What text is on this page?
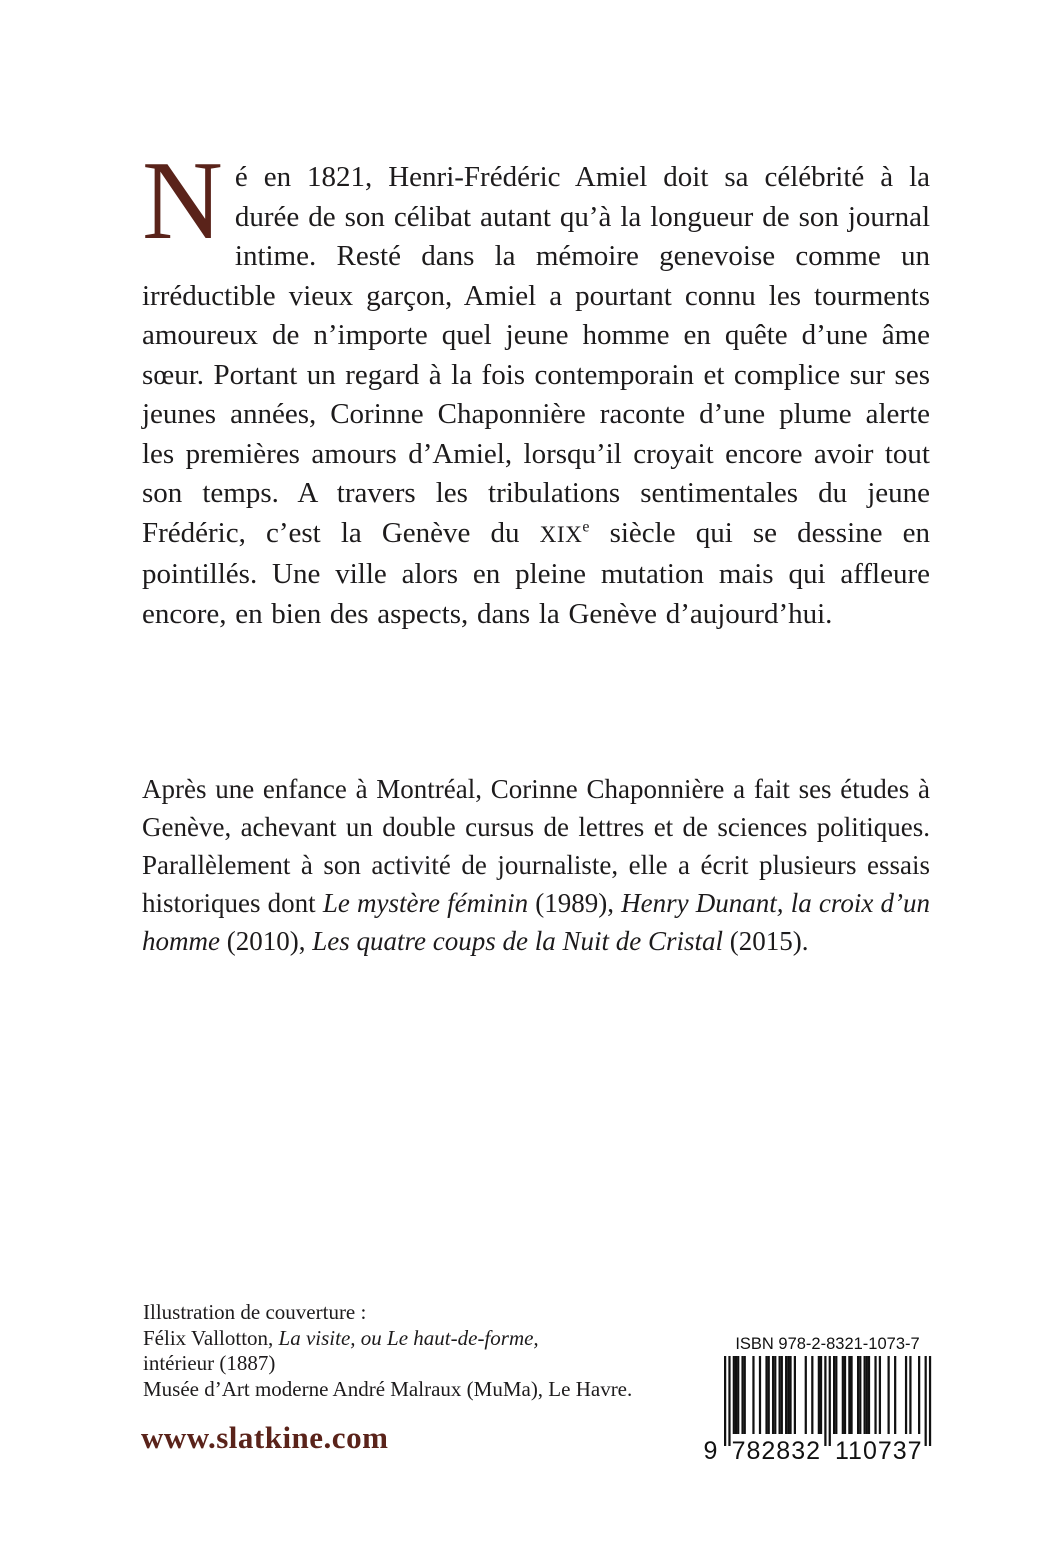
Né en 1821, Henri-Frédéric Amiel doit sa célébrité à la durée de son célibat autant qu’à la longueur de son journal intime. Resté dans la mémoire genevoise comme un irréductible vieux garçon, Amiel a pourtant connu les tourments amoureux de n’importe quel jeune homme en quête d’une âme sœur. Portant un regard à la fois contemporain et complice sur ses jeunes années, Corinne Chaponnière raconte d’une plume alerte les premières amours d’Amiel, lorsqu’il croyait encore avoir tout son temps. A travers les tribulations sentimentales du jeune Frédéric, c’est la Genève du XIXe siècle qui se dessine en pointillés. Une ville alors en pleine mutation mais qui affleure encore, en bien des aspects, dans la Genève d’aujourd’hui.

Après une enfance à Montréal, Corinne Chaponnière a fait ses études à Genève, achevant un double cursus de lettres et de sciences politiques. Parallèlement à son activité de journaliste, elle a écrit plusieurs essais historiques dont Le mystère féminin (1989), Henry Dunant, la croix d’un homme (2010), Les quatre coups de la Nuit de Cristal (2015).

Illustration de couverture :
Félix Vallotton, La visite, ou Le haut-de-forme,
intérieur (1887)
Musée d’Art moderne André Malraux (MuMa), Le Havre.
www.slatkine.com
ISBN 978-2-8321-1073-7
9 782832 110737
